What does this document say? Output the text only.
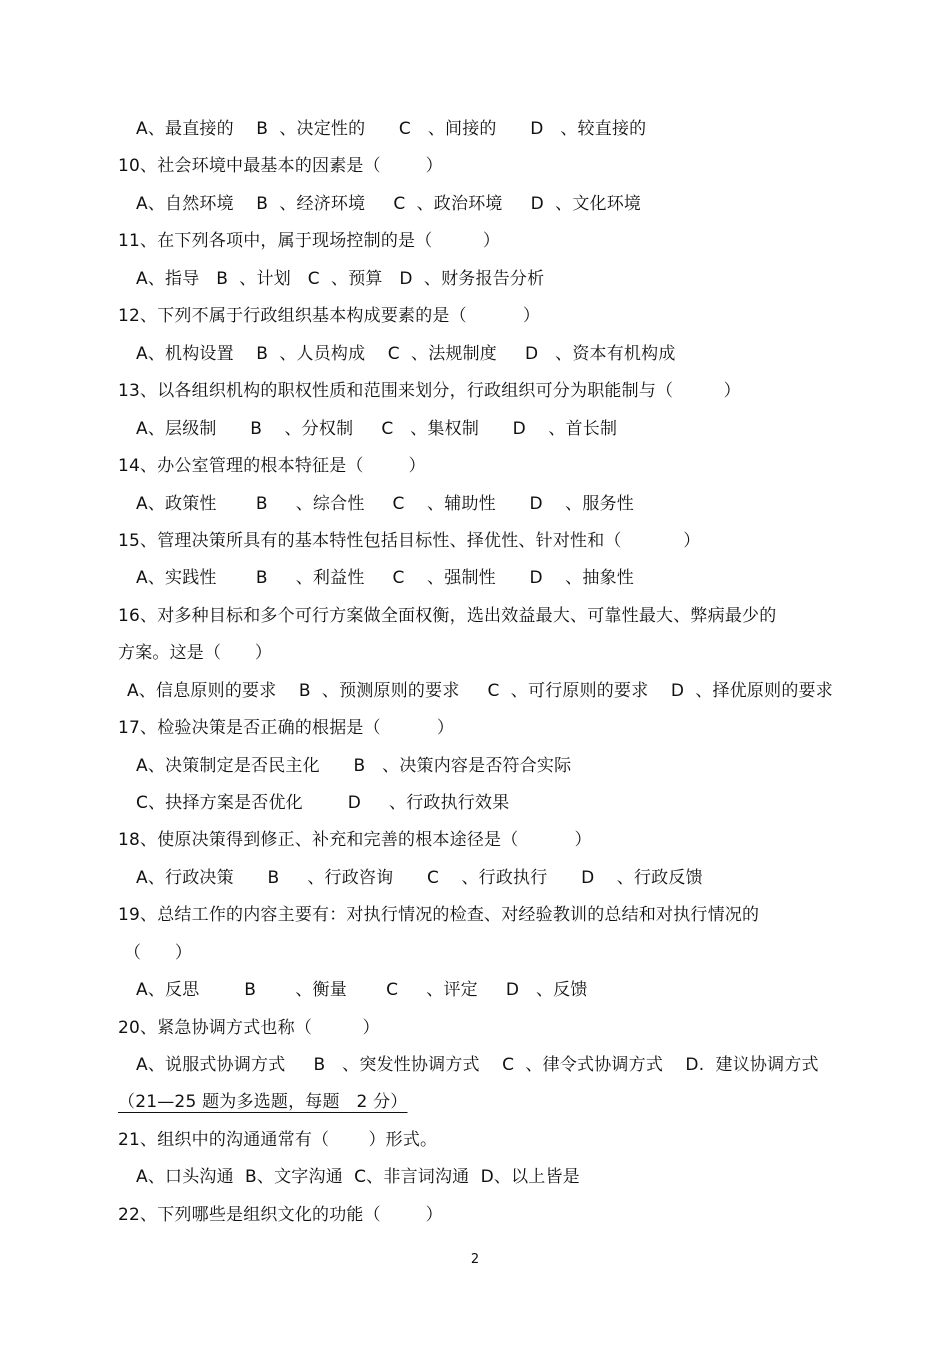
A、最直接的    B  、决定性的      C   、间接的      D   、较直接的

10、社会环境中最基本的因素是（        ）

A、自然环境    B  、经济环境     C  、政治环境     D  、文化环境

11、在下列各项中，属于现场控制的是（         ）

A、指导   B  、计划   C  、预算   D  、财务报告分析

12、下列不属于行政组织基本构成要素的是（          ）

A、机构设置    B  、人员构成    C  、法规制度     D   、资本有机构成

13、以各组织机构的职权性质和范围来划分，行政组织可分为职能制与（         ）

A、层级制      B    、分权制     C   、集权制      D    、首长制

14、办公室管理的根本特征是（        ）

A、政策性       B     、综合性     C    、辅助性      D    、服务性

15、管理决策所具有的基本特性包括目标性、择优性、针对性和（           ）

A、实践性       B     、利益性     C    、强制性      D    、抽象性

16、对多种目标和多个可行方案做全面权衡，选出效益最大、可靠性最大、弊病最少的

方案。这是（      ）

A、信息原则的要求    B  、预测原则的要求     C  、可行原则的要求    D  、择优原则的要求

17、检验决策是否正确的根据是（          ）

A、决策制定是否民主化      B   、决策内容是否符合实际

C、抉择方案是否优化        D     、行政执行效果

18、使原决策得到修正、补充和完善的根本途径是（          ）

A、行政决策      B     、行政咨询      C    、行政执行      D    、行政反馈

19、总结工作的内容主要有：对执行情况的检查、对经验教训的总结和对执行情况的

（      ）

A、反思        B       、衡量       C     、评定     D   、反馈

20、紧急协调方式也称（         ）

A、说服式协调方式     B   、突发性协调方式    C  、律令式协调方式    D.  建议协调方式

（21—25 题为多选题，每题   2 分）

21、组织中的沟通通常有（       ）形式。

A、口头沟通  B、文字沟通  C、非言词沟通  D、以上皆是

22、下列哪些是组织文化的功能（        ）

2
